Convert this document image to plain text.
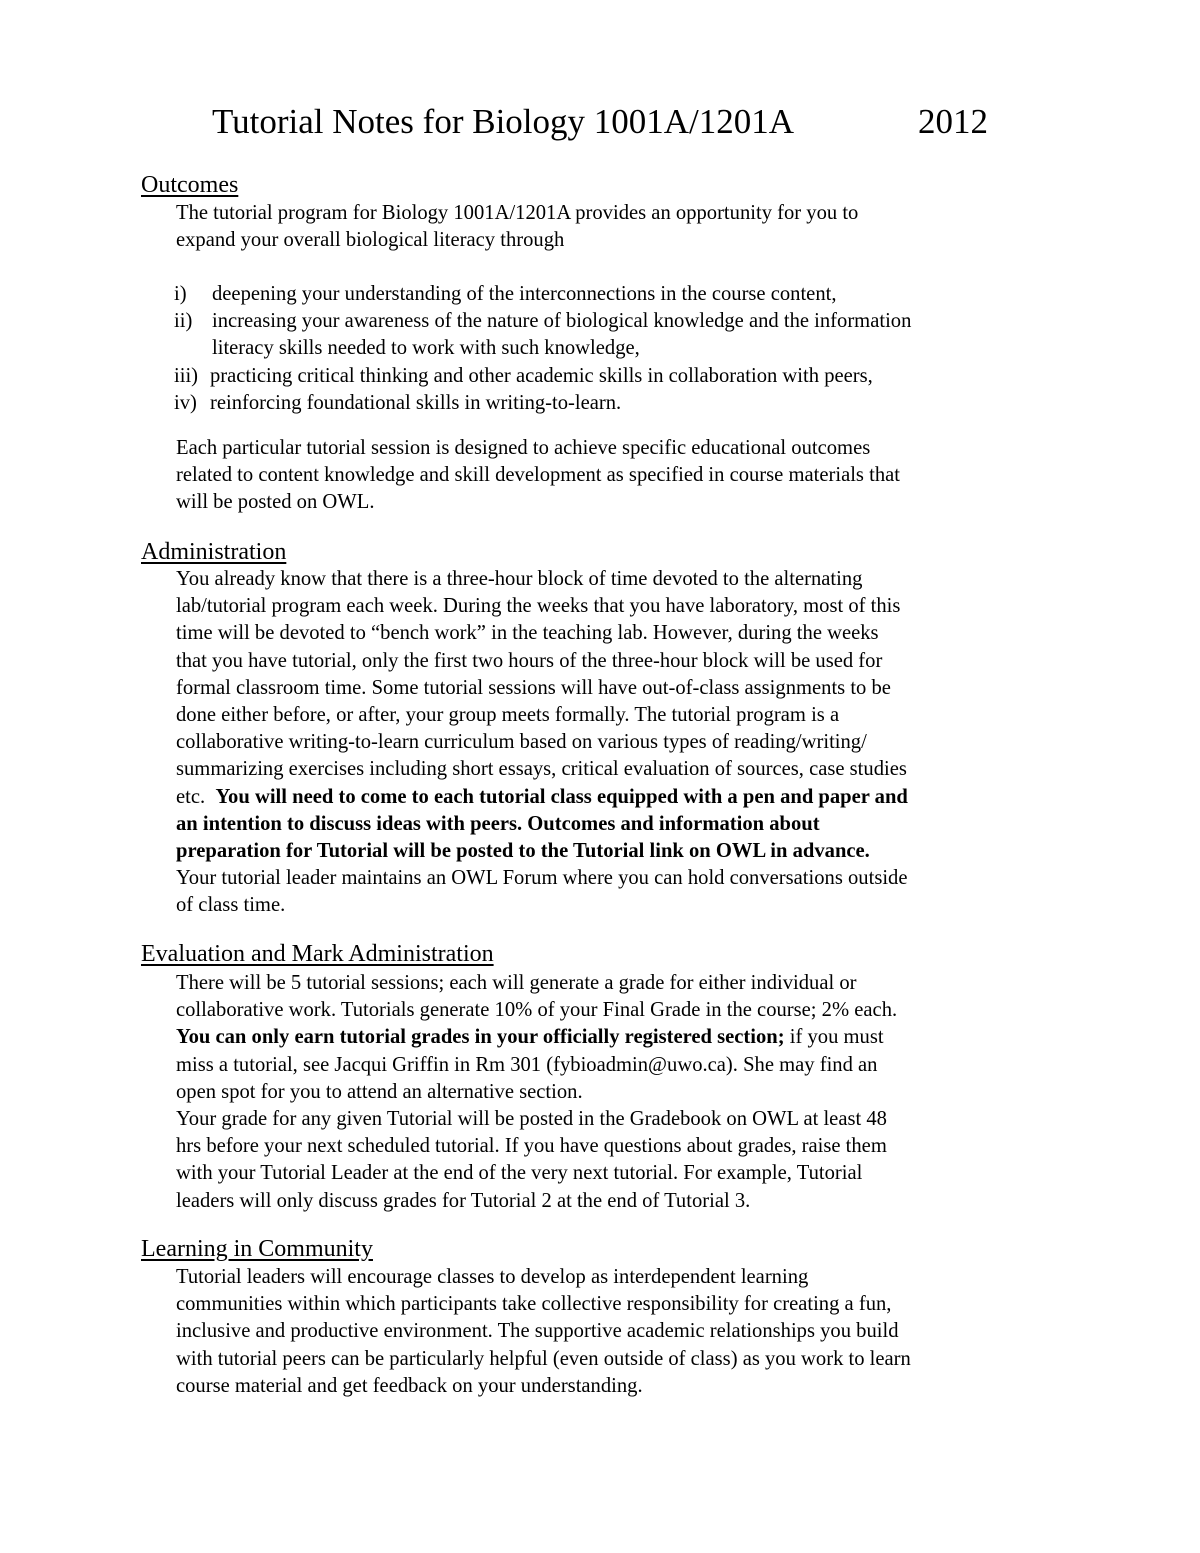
Tutorial Notes for Biology 1001A/1201A	2012
Outcomes
The tutorial program for Biology 1001A/1201A provides an opportunity for you to
expand your overall biological literacy through
i) deepening your understanding of the interconnections in the course content,
ii) increasing your awareness of the nature of biological knowledge and the information
literacy skills needed to work with such knowledge,
iii) practicing critical thinking and other academic skills in collaboration with peers,
iv) reinforcing foundational skills in writing-to-learn.
Each particular tutorial session is designed to achieve specific educational outcomes
related to content knowledge and skill development as specified in course materials that
will be posted on OWL.
Administration
You already know that there is a three-hour block of time devoted to the alternating
lab/tutorial program each week. During the weeks that you have laboratory, most of this
time will be devoted to “bench work” in the teaching lab. However, during the weeks
that you have tutorial, only the first two hours of the three-hour block will be used for
formal classroom time. Some tutorial sessions will have out-of-class assignments to be
done either before, or after, your group meets formally. The tutorial program is a
collaborative writing-to-learn curriculum based on various types of reading/writing/
summarizing exercises including short essays, critical evaluation of sources, case studies
etc.  You will need to come to each tutorial class equipped with a pen and paper and
an intention to discuss ideas with peers. Outcomes and information about
preparation for Tutorial will be posted to the Tutorial link on OWL in advance.
Your tutorial leader maintains an OWL Forum where you can hold conversations outside
of class time.
Evaluation and Mark Administration
There will be 5 tutorial sessions; each will generate a grade for either individual or
collaborative work. Tutorials generate 10% of your Final Grade in the course; 2% each.
You can only earn tutorial grades in your officially registered section; if you must
miss a tutorial, see Jacqui Griffin in Rm 301 (fybioadmin@uwo.ca). She may find an
open spot for you to attend an alternative section.
Your grade for any given Tutorial will be posted in the Gradebook on OWL at least 48
hrs before your next scheduled tutorial. If you have questions about grades, raise them
with your Tutorial Leader at the end of the very next tutorial. For example, Tutorial
leaders will only discuss grades for Tutorial 2 at the end of Tutorial 3.
Learning in Community
Tutorial leaders will encourage classes to develop as interdependent learning
communities within which participants take collective responsibility for creating a fun,
inclusive and productive environment. The supportive academic relationships you build
with tutorial peers can be particularly helpful (even outside of class) as you work to learn
course material and get feedback on your understanding.
